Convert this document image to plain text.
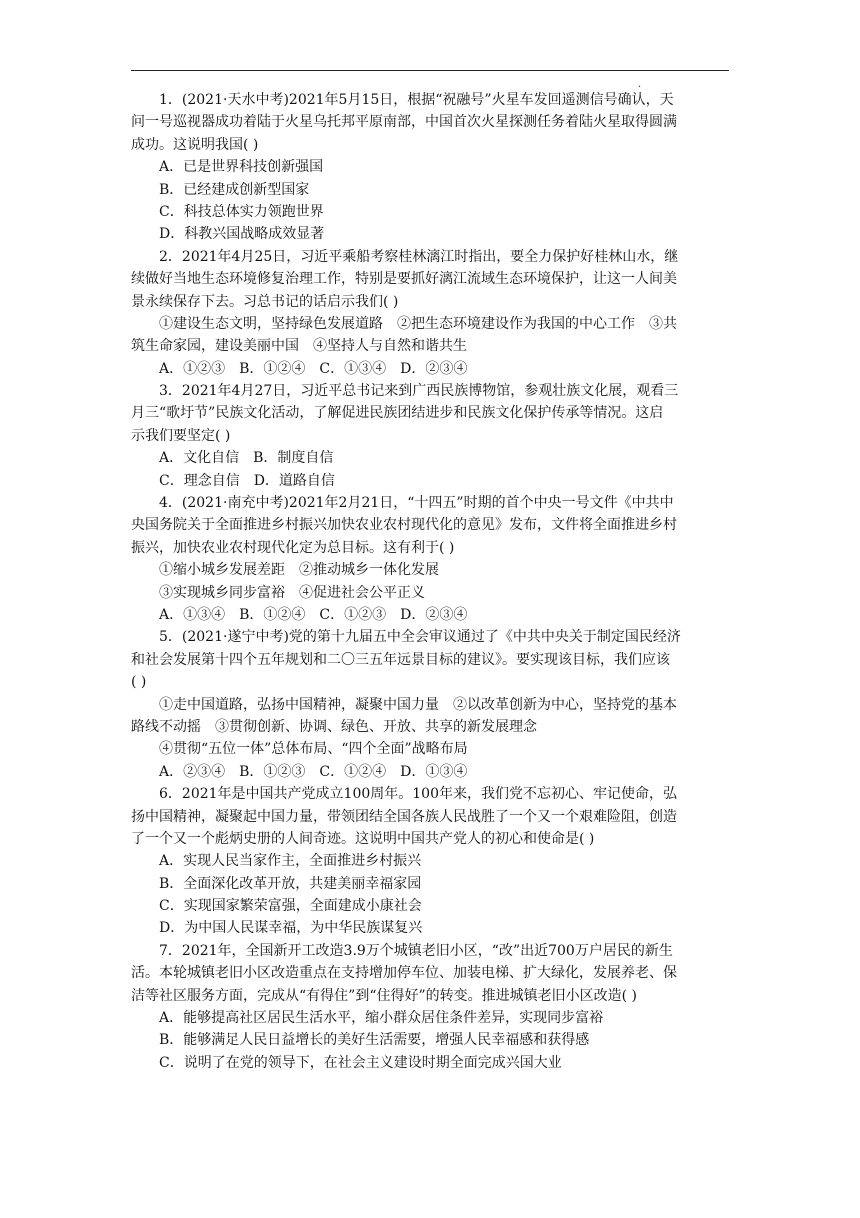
.
1．(2021·天水中考)2021年5月15日，根据“祝融号”火星车发回遥测信号确认，天
问一号巡视器成功着陆于火星乌托邦平原南部，中国首次火星探测任务着陆火星取得圆满
成功。这说明我国( )
A．已是世界科技创新强国
B．已经建成创新型国家
C．科技总体实力领跑世界
D．科教兴国战略成效显著
2．2021年4月25日，习近平乘船考察桂林漓江时指出，要全力保护好桂林山水，继
续做好当地生态环境修复治理工作，特别是要抓好漓江流域生态环境保护，让这一人间美
景永续保存下去。习总书记的话启示我们( )
①建设生态文明，坚持绿色发展道路　②把生态环境建设作为我国的中心工作　③共
筑生命家园，建设美丽中国　④坚持人与自然和谐共生
A．①②③　B．①②④　C．①③④　D．②③④
3．2021年4月27日，习近平总书记来到广西民族博物馆，参观壮族文化展，观看三
月三“歌圩节”民族文化活动，了解促进民族团结进步和民族文化保护传承等情况。这启
示我们要坚定( )
A．文化自信　B．制度自信
C．理念自信　D．道路自信
4．(2021·南充中考)2021年2月21日，“十四五”时期的首个中央一号文件《中共中
央国务院关于全面推进乡村振兴加快农业农村现代化的意见》发布，文件将全面推进乡村
振兴，加快农业农村现代化定为总目标。这有利于( )
①缩小城乡发展差距　②推动城乡一体化发展
③实现城乡同步富裕　④促进社会公平正义
A．①③④　B．①②④　C．①②③　D．②③④
5．(2021·遂宁中考)党的第十九届五中全会审议通过了《中共中央关于制定国民经济
和社会发展第十四个五年规划和二〇三五年远景目标的建议》。要实现该目标，我们应该
( )
①走中国道路，弘扬中国精神，凝聚中国力量　②以改革创新为中心，坚持党的基本
路线不动摇　③贯彻创新、协调、绿色、开放、共享的新发展理念
④贯彻“五位一体”总体布局、“四个全面”战略布局
A．②③④　B．①②③　C．①②④　D．①③④
6．2021年是中国共产党成立100周年。100年来，我们党不忘初心、牢记使命，弘
扬中国精神，凝聚起中国力量，带领团结全国各族人民战胜了一个又一个艰难险阻，创造
了一个又一个彪炳史册的人间奇迹。这说明中国共产党人的初心和使命是( )
A．实现人民当家作主，全面推进乡村振兴
B．全面深化改革开放，共建美丽幸福家园
C．实现国家繁荣富强，全面建成小康社会
D．为中国人民谋幸福，为中华民族谋复兴
7．2021年，全国新开工改造3.9万个城镇老旧小区，“改”出近700万户居民的新生
活。本轮城镇老旧小区改造重点在支持增加停车位、加装电梯、扩大绿化，发展养老、保
洁等社区服务方面，完成从“有得住”到“住得好”的转变。推进城镇老旧小区改造( )
A．能够提高社区居民生活水平，缩小群众居住条件差异，实现同步富裕
B．能够满足人民日益增长的美好生活需要，增强人民幸福感和获得感
C．说明了在党的领导下，在社会主义建设时期全面完成兴国大业
